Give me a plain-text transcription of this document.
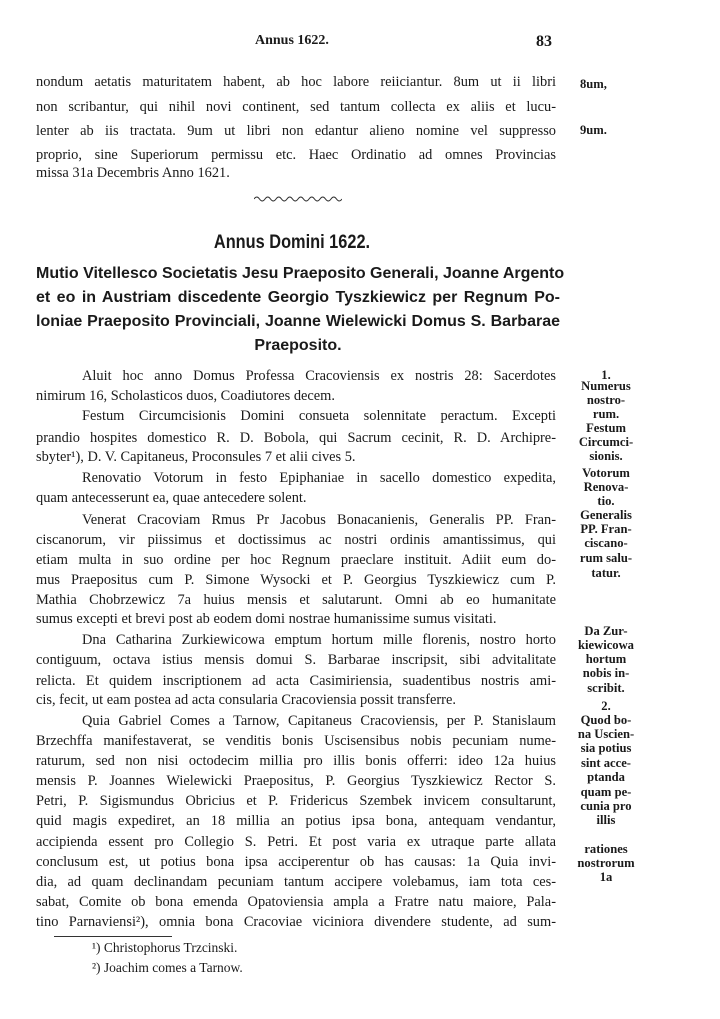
Annus 1622.	83
nondum aetatis maturitatem habent, ab hoc labore reiiciantur. 8um ut ii libri
non scribantur, qui nihil novi continent, sed tantum collecta ex aliis et lucu-
lenter ab iis tractata. 9um ut libri non edantur alieno nomine vel suppresso
proprio, sine Superiorum permissu etc. Haec Ordinatio ad omnes Provincias
missa 31a Decembris Anno 1621.
8um,
9um.
Annus Domini 1622.
Mutio Vitellesco Societatis Jesu Praeposito Generali, Joanne Argento
et eo in Austriam discedente Georgio Tyszkiewicz per Regnum Po-
loniae Praeposito Provinciali, Joanne Wielewicki Domus S. Barbarae
Praeposito.
Aluit hoc anno Domus Professa Cracoviensis ex nostris 28: Sacerdotes
nimirum 16, Scholasticos duos, Coadiutores decem.
Festum Circumcisionis Domini consueta solennitate peractum. Excepti
prandio hospites domestico R. D. Bobola, qui Sacrum cecinit, R. D. Archipre-
sbyter¹), D. V. Capitaneus, Proconsules 7 et alii cives 5.
Renovatio Votorum in festo Epiphaniae in sacello domestico expedita,
quam antecesserunt ea, quae antecedere solent.
Venerat Cracoviam Rmus Pr Jacobus Bonacanienis, Generalis PP. Fran-
ciscanorum, vir piissimus et doctissimus ac nostri ordinis amantissimus, qui
etiam multa in suo ordine per hoc Regnum praeclare instituit. Adiit eum do-
mus Praepositus cum P. Simone Wysocki et P. Georgius Tyszkiewicz cum P.
Mathia Chobrzewicz 7a huius mensis et salutarunt. Omni ab eo humanitate
sumus excepti et brevi post ab eodem domi nostrae humanissime sumus visitati.
Dna Catharina Zurkiewicowa emptum hortum mille florenis, nostro horto
contiguum, octava istius mensis domui S. Barbarae inscripsit, sibi advitalitate
relicta. Et quidem inscriptionem ad acta Casimiriensia, suadentibus nostris ami-
cis, fecit, ut eam postea ad acta consularia Cracoviensia possit transferre.
Quia Gabriel Comes a Tarnow, Capitaneus Cracoviensis, per P. Stanislaum
Brzechffa manifestaverat, se venditis bonis Uscisensibus nobis pecuniam nume-
raturum, sed non nisi octodecim millia pro illis bonis offerri: ideo 12a huius
mensis P. Joannes Wielewicki Praepositus, P. Georgius Tyszkiewicz Rector S.
Petri, P. Sigismundus Obricius et P. Fridericus Szembek invicem consultarunt,
quid magis expediret, an 18 millia an potius ipsa bona, antequam vendantur,
accipienda essent pro Collegio S. Petri. Et post varia ex utraque parte allata
conclusum est, ut potius bona ipsa acciperentur ob has causas: 1a Quia invi-
dia, ad quam declinandam pecuniam tantum accipere volebamus, iam tota ces-
sabat, Comite ob bona emenda Opatoviensia ampla a Fratre natu maiore, Pala-
tino Parnaviensi²), omnia bona Cracoviae viciniora divendere studente, ad sum-
1.
Numerus
nostro-
rum.
Festum
Circumci-
sionis.
Votorum
Renova-
tio.
Generalis
PP. Fran-
ciscano-
rum salu-
tatur.
Da Zur-
kiewicowa
hortum
nobis in-
scribit.
2.
Quod bo-
na Uscien-
sia potius
sint acce-
ptanda
quam pe-
cunia pro
illis
rationes
nostrorum
1a
¹) Christophorus Trzcinski.
²) Joachim comes a Tarnow.
